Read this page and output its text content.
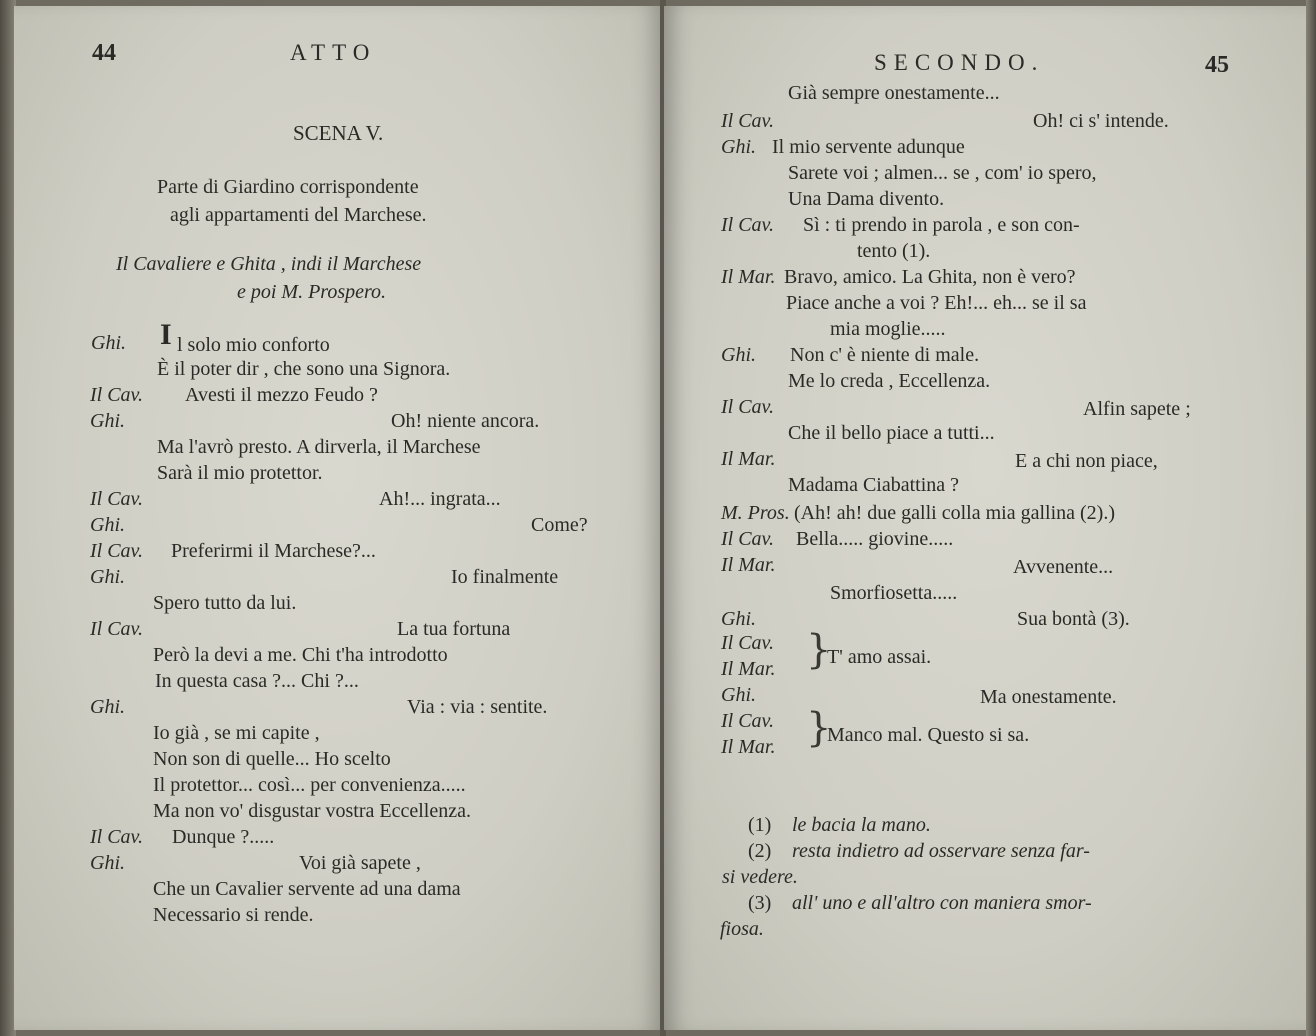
44	ATTO
SCENA V.
Parte di Giardino corrispondente
agli appartamenti del Marchese.
Il Cavaliere e Ghita , indi il Marchese
e poi M. Prospero.
Ghi. I l solo mio conforto
È il poter dir , che sono una Signora.
Il Cav. Avesti il mezzo Feudo ?
Ghi.	Oh! niente ancora.
Ma l'avrò presto. A dirverla, il Marchese
Sarà il mio protettor.
Il Cav.	Ah!... ingrata...
Ghi.	Come?
Il Cav. Preferirmi il Marchese?...
Ghi.	Io finalmente
Spero tutto da lui.
Il Cav.	La tua fortuna
Però la devi a me. Chi t'ha introdotto
In questa casa ?... Chi ?...
Ghi.	Via : via : sentite.
Io già , se mi capite ,
Non son di quelle... Ho scelto
Il protettor... così... per convenienza.....
Ma non vo' disgustar vostra Eccellenza.
Il Cav. Dunque ?.....
Ghi.	Voi già sapete ,
Che un Cavalier servente ad una dama
Necessario si rende.
SECONDO.	45
Già sempre onestamente...
Il Cav.	Oh! ci s' intende.
Ghi. Il mio servente adunque
Sarete voi ; almen... se , com' io spero,
Una Dama divento.
Il Cav. Sì : ti prendo in parola , e son con-
tento (1).
Il Mar. Bravo, amico. La Ghita, non è vero?
Piace anche a voi ? Eh!... eh... se il sa
mia moglie.....
Ghi. Non c' è niente di male.
Me lo creda , Eccellenza.
Il Cav.	Alfin sapete ;
Che il bello piace a tutti...
Il Mar.	E a chi non piace,
Madama Ciabattina ?
M. Pros. (Ah! ah! due galli colla mia gallina (2).)
Il Cav. Bella..... giovine.....
Il Mar.	Avvenente...
Smorfiosetta.....
Ghi.	Sua bontà (3).
Il Cav.
Il Mar. }
T' amo assai.
Ghi.	Ma onestamente.
Il Cav.
Il Mar. }
Manco mal. Questo si sa.
(1) le bacia la mano.
(2) resta indietro ad osservare senza far-
si vedere.
(3) all' uno e all'altro con maniera smor-
fiosa.
